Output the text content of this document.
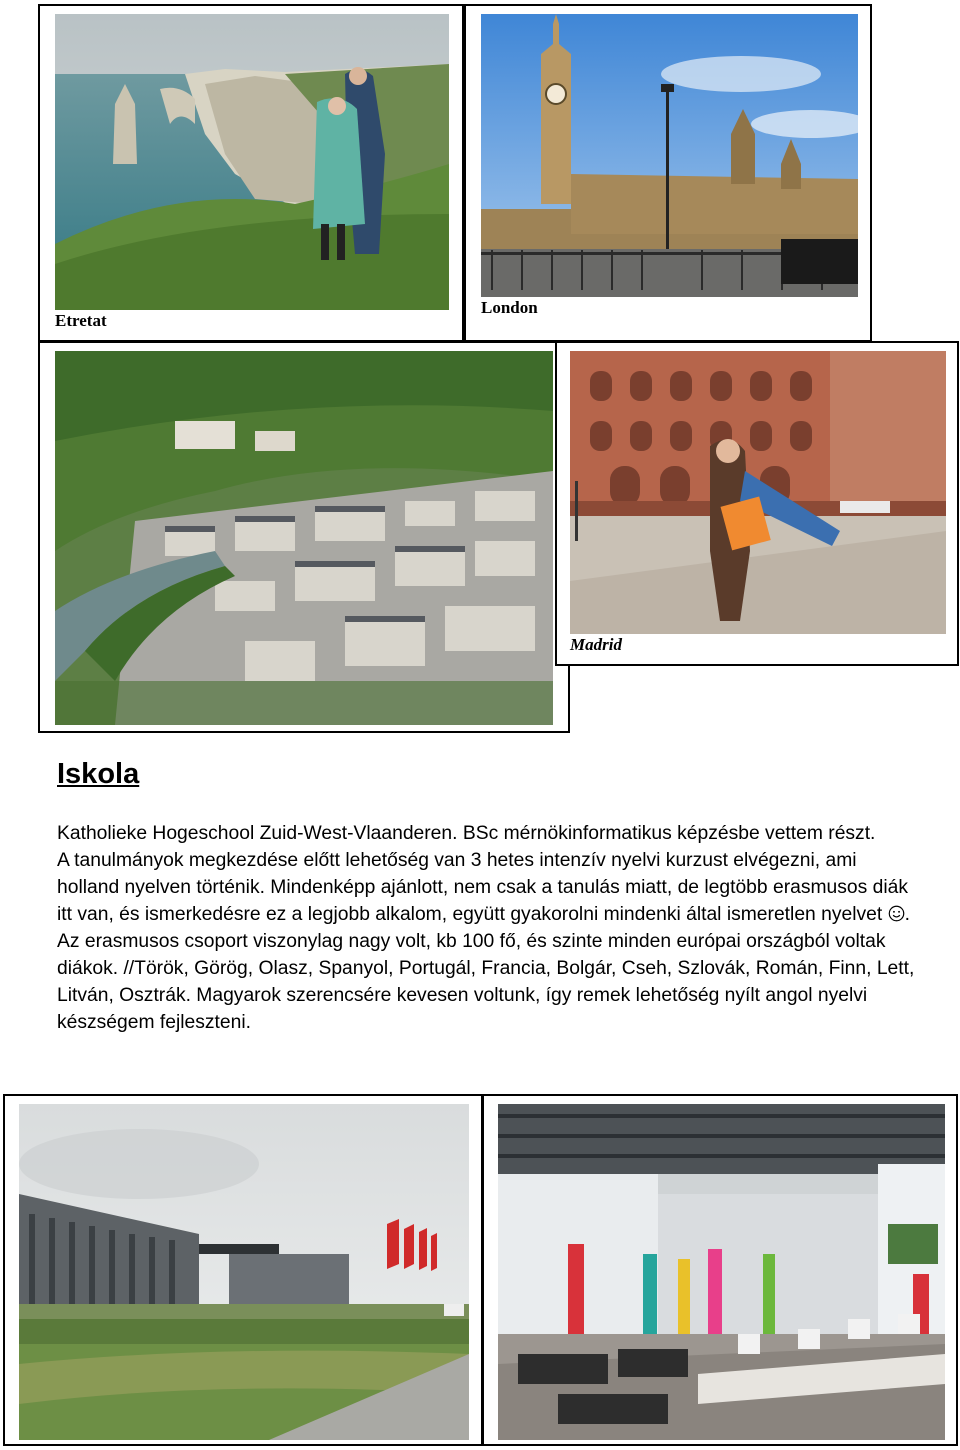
Etretat
London
Madrid
Iskola

Katholieke Hogeschool Zuid-West-Vlaanderen. BSc mérnökinformatikus képzésbe vettem részt.

A tanulmányok megkezdése előtt lehetőség van 3 hetes intenzív nyelvi kurzust elvégezni, ami holland nyelven történik. Mindenképp ajánlott, nem csak a tanulás miatt, de legtöbb erasmusos diák itt van, és ismerkedésre ez a legjobb alkalom, együtt gyakorolni mindenki által ismeretlen nyelvet . Az erasmusos csoport viszonylag nagy volt, kb 100 fő, és szinte minden európai országból voltak diákok. //Török, Görög, Olasz, Spanyol, Portugál, Francia, Bolgár, Cseh, Szlovák, Román, Finn, Lett, Litván, Osztrák. Magyarok szerencsére kevesen voltunk, így remek lehetőség nyílt angol nyelvi készségem fejleszteni.
